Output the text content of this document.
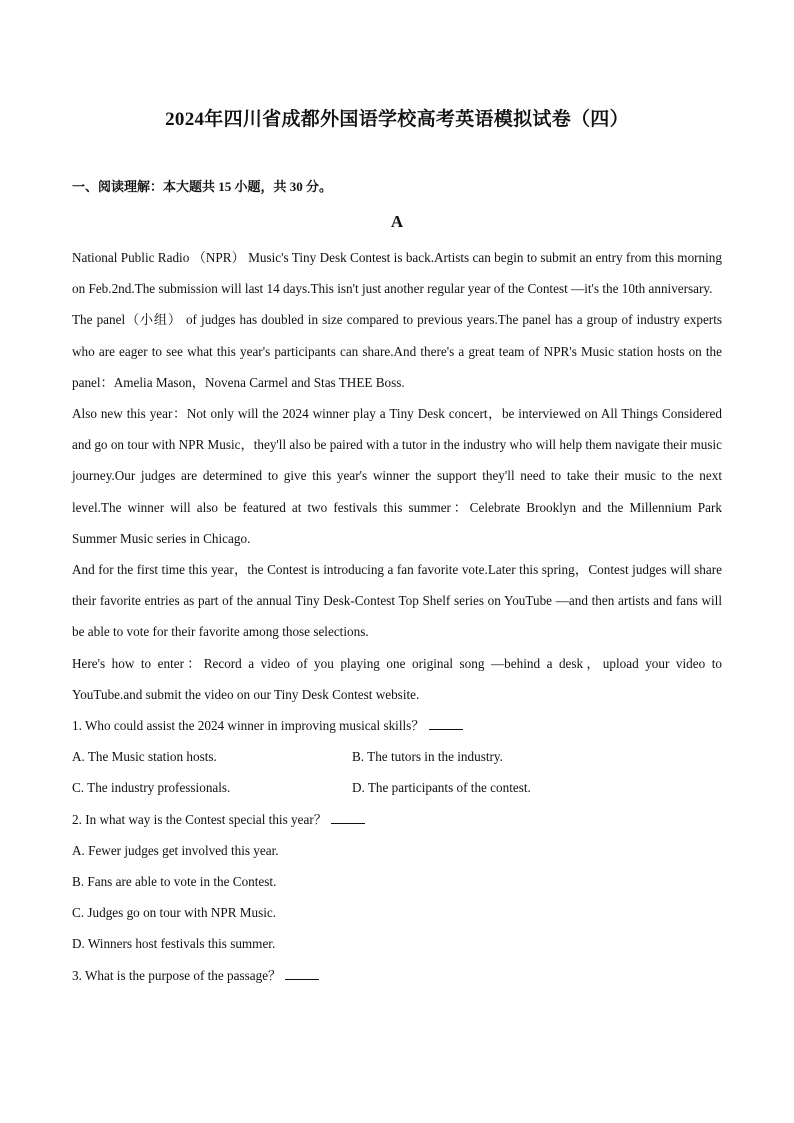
2024年四川省成都外国语学校高考英语模拟试卷（四）
一、阅读理解：本大题共 15 小题，共 30 分。
A

National Public Radio （NPR） Music's Tiny Desk Contest is back.Artists can begin to submit an entry from this morning on Feb.2nd.The submission will last 14 days.This isn't just another regular year of the Contest —it's the 10th anniversary.

The panel（小组） of judges has doubled in size compared to previous years.The panel has a group of industry experts who are eager to see what this year's participants can share.And there's a great team of NPR's Music station hosts on the panel：Amelia Mason，Novena Carmel and Stas THEE Boss.

Also new this year：Not only will the 2024 winner play a Tiny Desk concert，be interviewed on All Things Considered and go on tour with NPR Music，they'll also be paired with a tutor in the industry who will help them navigate their music journey.Our judges are determined to give this year's winner the support they'll need to take their music to the next level.The winner will also be featured at two festivals this summer：Celebrate Brooklyn and the Millennium Park Summer Music series in Chicago.

And for the first time this year，the Contest is introducing a fan favorite vote.Later this spring，Contest judges will share their favorite entries as part of the annual Tiny Desk-Contest Top Shelf series on YouTube —and then artists and fans will be able to vote for their favorite among those selections.

Here's how to enter：Record a video of you playing one original song —behind a desk，upload your video to YouTube.and submit the video on our Tiny Desk Contest website.

1. Who could assist the 2024 winner in improving musical skills？

A. The Music station hosts.	B. The tutors in the industry.
C. The industry professionals.	D. The participants of the contest.

2. In what way is the Contest special this year？

A. Fewer judges get involved this year.

B. Fans are able to vote in the Contest.

C. Judges go on tour with NPR Music.

D. Winners host festivals this summer.

3. What is the purpose of the passage？
